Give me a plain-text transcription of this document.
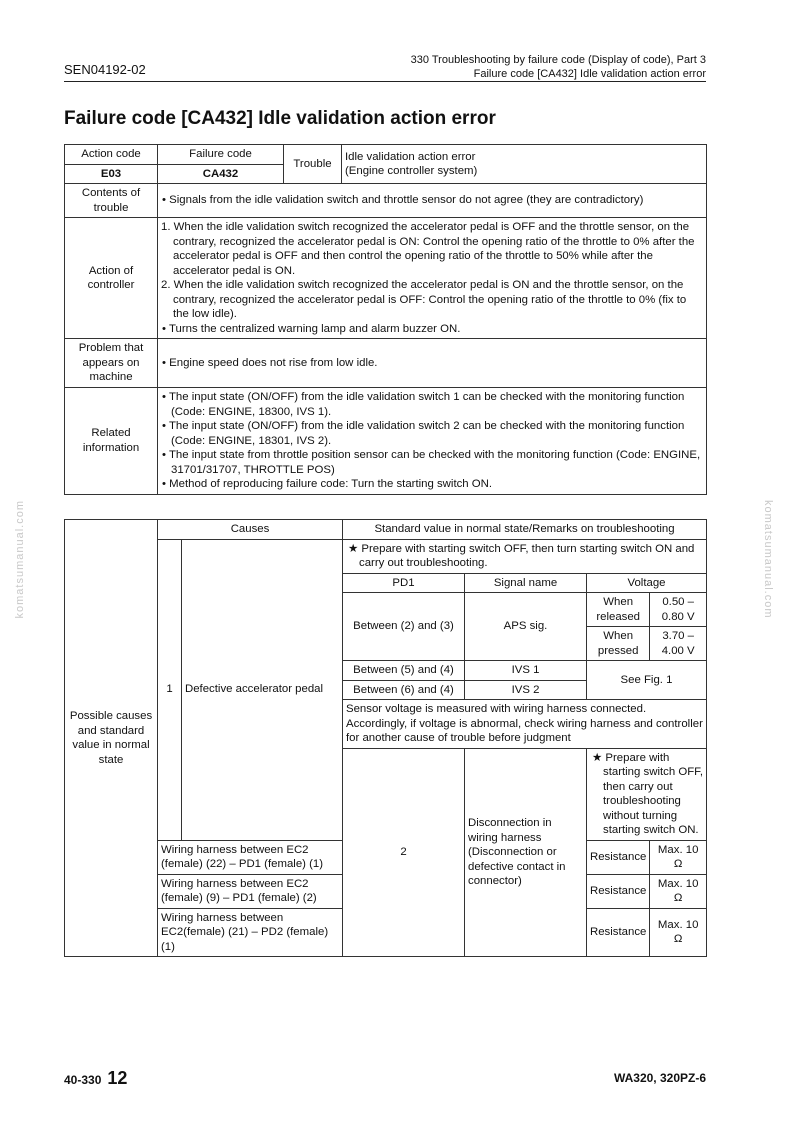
SEN04192-02
330 Troubleshooting by failure code (Display of code), Part 3
Failure code [CA432] Idle validation action error
Failure code [CA432] Idle validation action error
komatsumanual.com	komatsumanual.com
Action code	Failure code	Trouble	Idle validation action error
(Engine controller system)

E03	CA432		
Contents of trouble	• Signals from the idle validation switch and throttle sensor do not agree (they are contradictory)		

Action of controller	1. When the idle validation switch recognized the accelerator pedal is OFF and the throttle sensor, on the contrary, recognized the accelerator pedal is ON: Control the opening ratio of the throttle to 0% after the accelerator pedal is OFF and then control the opening ratio of the throttle to 50% while after the accelerator pedal is ON.
2. When the idle validation switch recognized the accelerator pedal is ON and the throttle sensor, on the contrary, recognized the accelerator pedal is OFF: Control the opening ratio of the throttle to 0% (fix to the low idle).
• Turns the centralized warning lamp and alarm buzzer ON.		

Problem that appears on machine	• Engine speed does not rise from low idle.		

Related information	• The input state (ON/OFF) from the idle validation switch 1 can be checked with the monitoring function (Code: ENGINE, 18300, IVS 1).
• The input state (ON/OFF) from the idle validation switch 2 can be checked with the monitoring function (Code: ENGINE, 18301, IVS 2).
• The input state from throttle position sensor can be checked with the monitoring function (Code: ENGINE, 31701/31707, THROTTLE POS)
• Method of reproducing failure code: Turn the starting switch ON.		
Possible causes and standard value in normal state	Causes		Standard value in normal state/Remarks on troubleshooting			
	1	Defective accelerator pedal	★ Prepare with starting switch OFF, then turn starting switch ON and carry out troubleshooting.			

			PD1	Signal name	Voltage	
			Between (2) and (3)	APS sig.	When released	0.50 – 0.80 V
					When pressed	3.70 – 4.00 V
			Between (5) and (4)	IVS 1	See Fig. 1	
			Between (6) and (4)	IVS 2		
			Sensor voltage is measured with wiring harness connected. Accordingly, if voltage is abnormal, check wiring harness and controller for another cause of trouble before judgment			
			2	Disconnection in wiring harness (Disconnection or defective contact in connector)	★ Prepare with starting switch OFF, then carry out troubleshooting without turning starting switch ON.	

	Wiring harness between EC2 (female) (22) – PD1 (female) (1)				Resistance	Max. 10 Ω
	Wiring harness between EC2 (female) (9) – PD1 (female) (2)				Resistance	Max. 10 Ω
	Wiring harness between EC2(female) (21) – PD2 (female) (1)				Resistance	Max. 10 Ω
40-330 12	WA320, 320PZ-6
